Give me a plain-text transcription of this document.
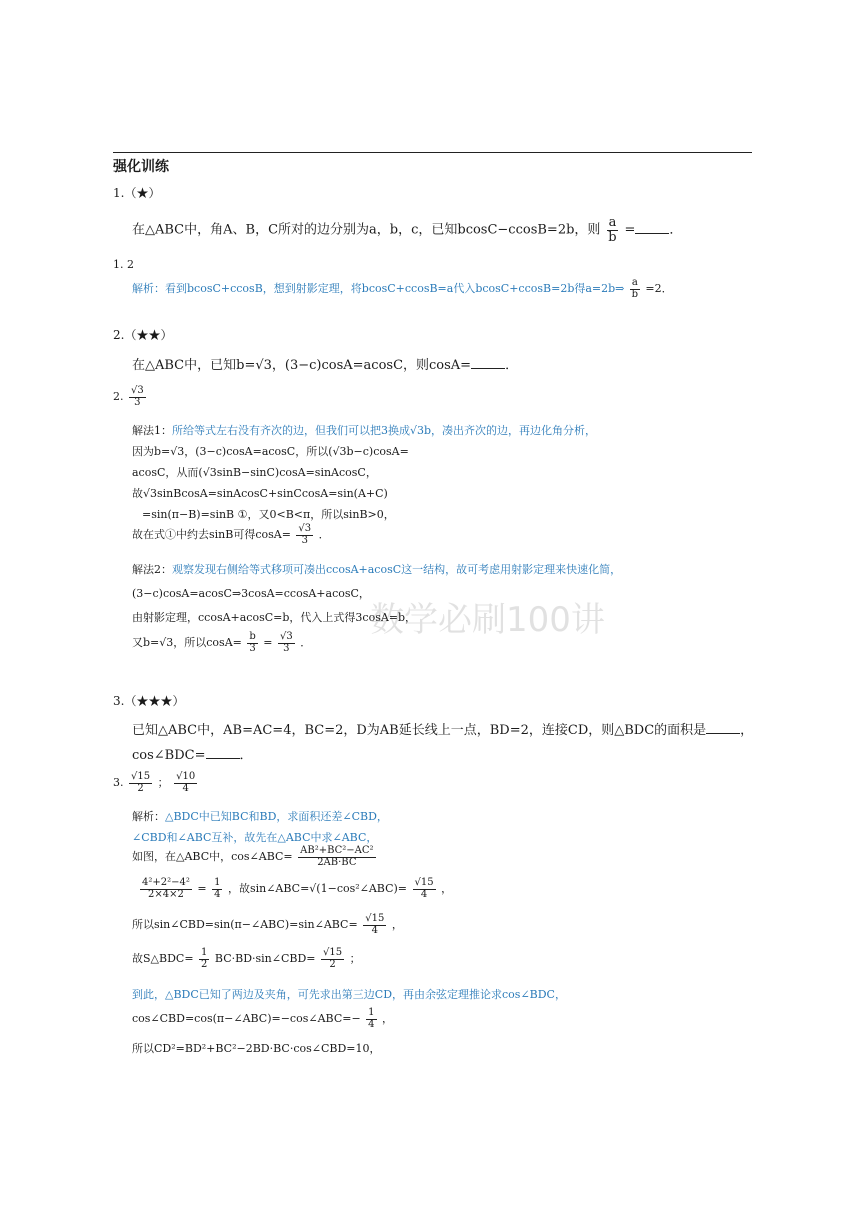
强化训练
数学必刷100讲
1.（★）
在△ABC中，角A、B，C所对的边分别为a，b，c，已知bcosC−ccosB=2b，则 $\frac{a}{b}$ =	．
1. 2
解析：看到bcosC+ccosB，想到射影定理，将bcosC+ccosB=a代入bcosC+ccosB=2b得a=2b⇒ $\frac{a}{b} =2$．
2.（★★）
在△ABC中，已知b=√3，(3−c)cosA=acosC，则cosA=	．
2. $\frac{√3}{3}$
解法1：所给等式左右没有齐次的边，但我们可以把3换成√3b，凑出齐次的边，再边化角分析，
因为b=√3，(3−c)cosA=acosC，所以(√3b−c)cosA=
acosC，从而(√3sinB−sinC)cosA=sinAcosC，
故√3sinBcosA=sinAcosC+sinCcosA=sin(A+C)
=sin(π−B)=sinB ①，又0<B<π，所以sinB>0，
故在式①中约去sinB可得$\cos A= \frac{√3}{3}$ ．
解法2：观察发现右侧给等式移项可凑出ccosA+acosC这一结构，故可考虑用射影定理来快速化简，
(3−c)cosA=acosC⇒3cosA=ccosA+acosC，
由射影定理，ccosA+acosC=b，代入上式得3cosA=b，
又b=√3，所以$\cos A= \frac{b}{3} = \frac{√3}{3}$ ．
3.（★★★）
已知△ABC中，AB=AC=4，BC=2，D为AB延长线上一点，BD=2，连接CD，则△BDC的面积是	，
cos∠BDC=	．
3. $\frac{√15}{2}$ ； $\frac{√10}{4}$
解析：△BDC中已知BC和BD，求面积还差∠CBD，
∠CBD和∠ABC互补，故先在△ABC中求∠ABC，
如图，在△ABC中，cos∠ABC= $\frac{\text{AB²+BC²−AC²}}{2AB\cdot BC}$
$\frac{\text{4²+2²−4²}}{2\times 4\times 2} = \frac{1}{4}$ ，故sin∠ABC=√(1−cos²∠ABC)= $\frac{√15}{4}$ ，
所以sin∠CBD=sin(π−∠ABC)=sin∠ABC= $\frac{√15}{4}$ ，
故S△BDC= $\frac{1}{2}$ BC·BD·sin∠CBD= $\frac{√15}{2}$ ；
到此，△BDC已知了两边及夹角，可先求出第三边CD，再由余弦定理推论求cos∠BDC，
cos∠CBD=cos(π−∠ABC)=−cos∠ABC=− $\frac{1}{4}$ ，
所以CD²=BD²+BC²−2BD·BC·cos∠CBD=10，
